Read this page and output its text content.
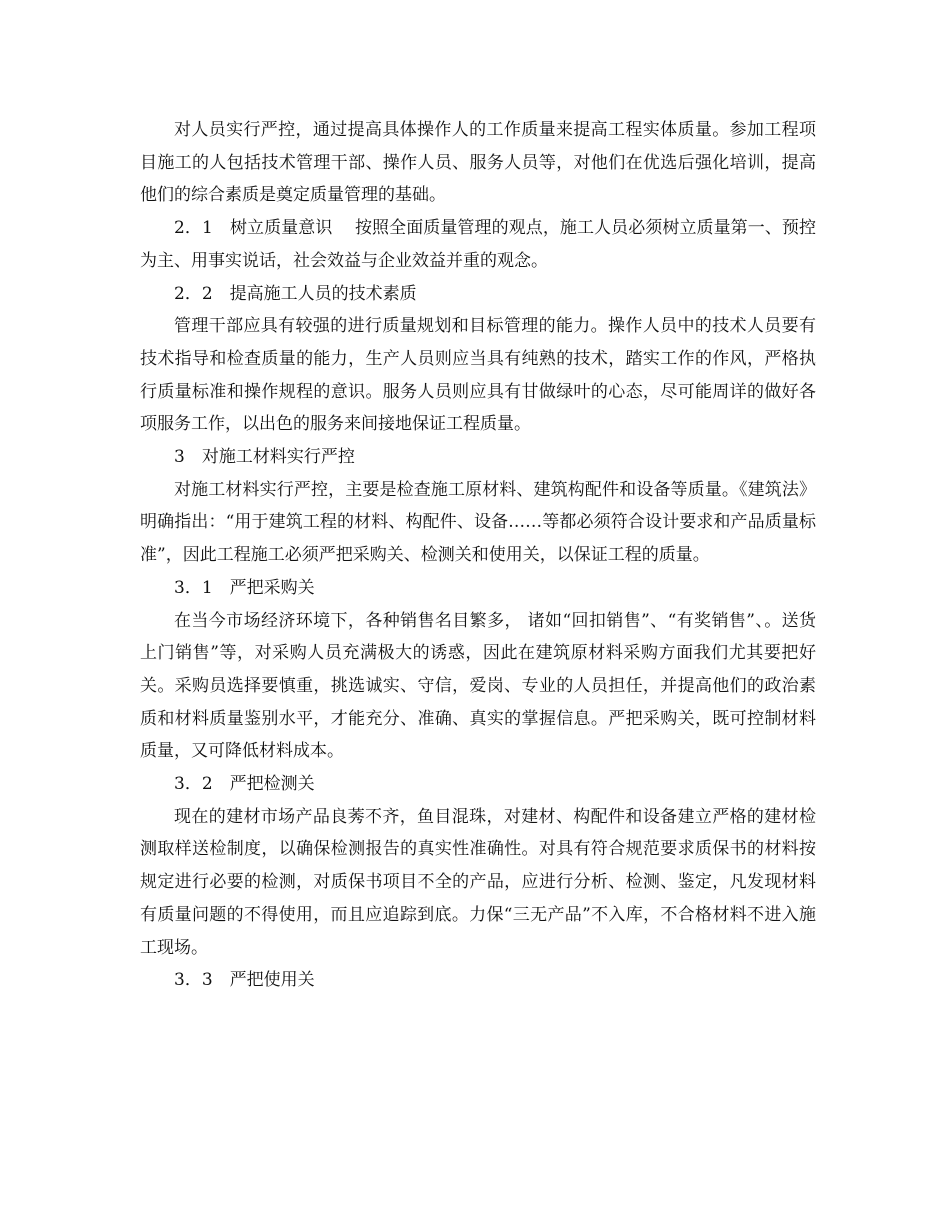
对人员实行严控，通过提高具体操作人的工作质量来提高工程实体质量。参加工程项目施工的人包括技术管理干部、操作人员、服务人员等，对他们在优选后强化培训，提高他们的综合素质是奠定质量管理的基础。

2．1　树立质量意识　 按照全面质量管理的观点，施工人员必须树立质量第一、预控为主、用事实说话，社会效益与企业效益并重的观念。

2．2　提高施工人员的技术素质

管理干部应具有较强的进行质量规划和目标管理的能力。操作人员中的技术人员要有技术指导和检查质量的能力，生产人员则应当具有纯熟的技术，踏实工作的作风，严格执行质量标准和操作规程的意识。服务人员则应具有甘做绿叶的心态，尽可能周详的做好各项服务工作，以出色的服务来间接地保证工程质量。

3　对施工材料实行严控

对施工材料实行严控，主要是检查施工原材料、建筑构配件和设备等质量。《建筑法》明确指出：“用于建筑工程的材料、构配件、设备……等都必须符合设计要求和产品质量标准”，因此工程施工必须严把采购关、检测关和使用关，以保证工程的质量。

3．1　严把采购关

在当今市场经济环境下，各种销售名目繁多， 诸如“回扣销售”、“有奖销售”、。送货上门销售”等，对采购人员充满极大的诱惑，因此在建筑原材料采购方面我们尤其要把好关。采购员选择要慎重，挑选诚实、守信，爱岗、专业的人员担任，并提高他们的政治素质和材料质量鉴别水平，才能充分、准确、真实的掌握信息。严把采购关，既可控制材料质量，又可降低材料成本。

3．2　严把检测关

现在的建材市场产品良莠不齐，鱼目混珠，对建材、构配件和设备建立严格的建材检测取样送检制度，以确保检测报告的真实性准确性。对具有符合规范要求质保书的材料按规定进行必要的检测，对质保书项目不全的产品，应进行分析、检测、鉴定，凡发现材料有质量问题的不得使用，而且应追踪到底。力保“三无产品”不入库，不合格材料不进入施工现场。

3．3　严把使用关
